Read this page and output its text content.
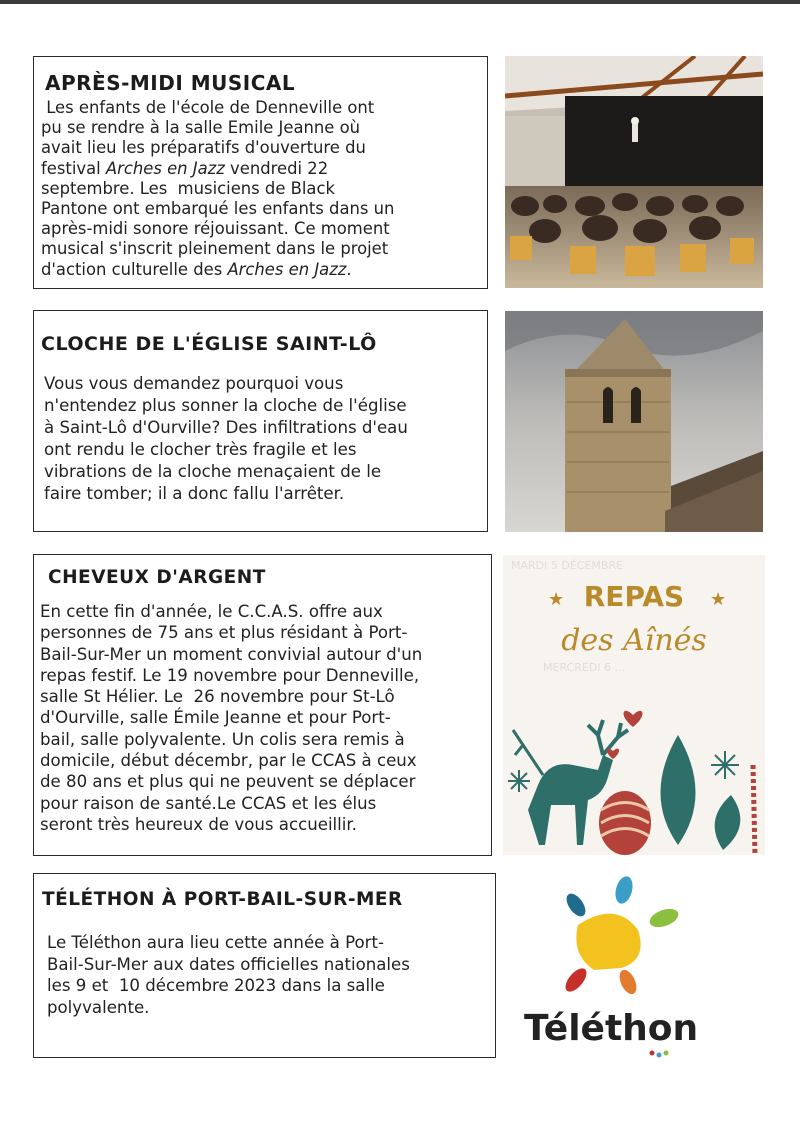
APRÈS-MIDI MUSICAL
Les enfants de l'école de Denneville ont
pu se rendre à la salle Emile Jeanne où
avait lieu les préparatifs d'ouverture du
festival Arches en Jazz vendredi 22
septembre. Les  musiciens de Black
Pantone ont embarqué les enfants dans un
après-midi sonore réjouissant. Ce moment
musical s'inscrit pleinement dans le projet
d'action culturelle des Arches en Jazz.
CLOCHE DE L'ÉGLISE SAINT-LÔ
Vous vous demandez pourquoi vous
n'entendez plus sonner la cloche de l'église
à Saint-Lô d'Ourville? Des infiltrations d'eau
ont rendu le clocher très fragile et les
vibrations de la cloche menaçaient de le
faire tomber; il a donc fallu l'arrêter.
CHEVEUX D'ARGENT
En cette fin d'année, le C.C.A.S. offre aux
personnes de 75 ans et plus résidant à Port-
Bail-Sur-Mer un moment convivial autour d'un
repas festif. Le 19 novembre pour Denneville,
salle St Hélier. Le  26 novembre pour St-Lô
d'Ourville, salle Émile Jeanne et pour Port-
bail, salle polyvalente. Un colis sera remis à
domicile, début décembr, par le CCAS à ceux
de 80 ans et plus qui ne peuvent se déplacer
pour raison de santé.Le CCAS et les élus
seront très heureux de vous accueillir.
MARDI 5 DÉCEMBRE
MERCREDI 6 ...
★	★
REPAS
des Aînés
TÉLÉTHON À PORT-BAIL-SUR-MER
Le Téléthon aura lieu cette année à Port-
Bail-Sur-Mer aux dates officielles nationales
les 9 et  10 décembre 2023 dans la salle
polyvalente.
Téléthon
